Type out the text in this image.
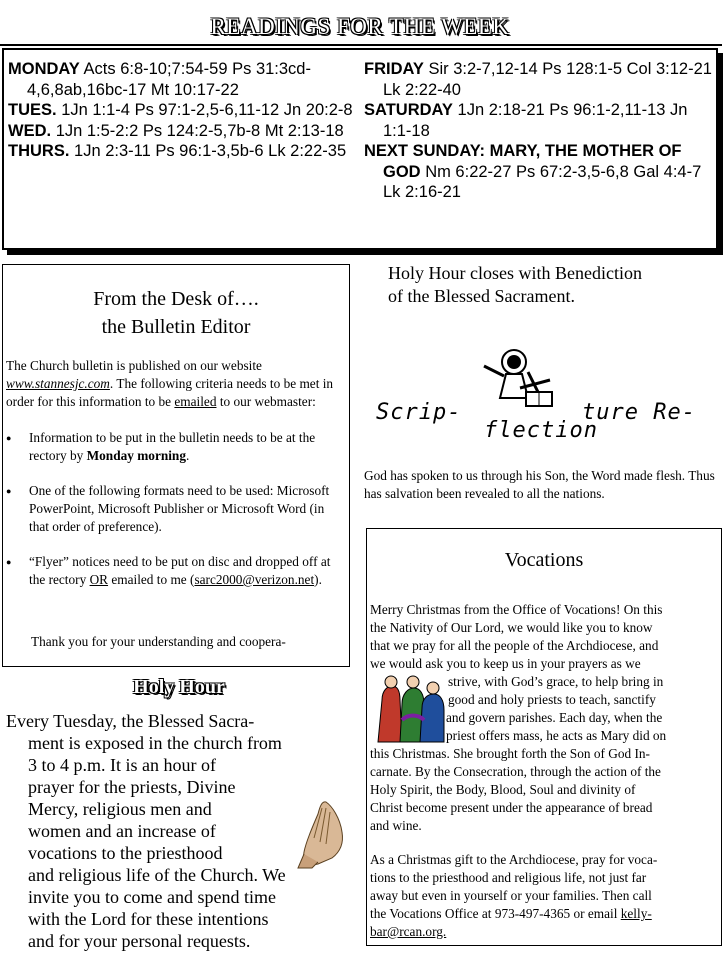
READINGS FOR THE WEEK

MONDAY Acts 6:8-10;7:54-59 Ps 31:3cd-4,6,8ab,16bc-17 Mt 10:17-22

TUES. 1Jn 1:1-4 Ps 97:1-2,5-6,11-12 Jn 20:2-8

WED. 1Jn 1:5-2:2 Ps 124:2-5,7b-8 Mt 2:13-18

THURS. 1Jn 2:3-11 Ps 96:1-3,5b-6 Lk 2:22-35

FRIDAY Sir 3:2-7,12-14 Ps 128:1-5 Col 3:12-21 Lk 2:22-40

SATURDAY 1Jn 2:18-21 Ps 96:1-2,11-13 Jn 1:1-18

NEXT SUNDAY: MARY, THE MOTHER OF GOD Nm 6:22-27 Ps 67:2-3,5-6,8 Gal 4:4-7 Lk 2:16-21

From the Desk of….
the Bulletin Editor
The Church bulletin is published on our website www.stannesjc.com. The following criteria needs to be met in order for this information to be emailed to our webmaster:
● Information to be put in the bulletin needs to be at the rectory by Monday morning.
● One of the following formats need to be used: Microsoft PowerPoint, Microsoft Publisher or Microsoft Word (in that order of preference).
● “Flyer” notices need to be put on disc and dropped off at the rectory OR emailed to me (sarc2000@verizon.net).
Thank you for your understanding and coopera-
Holy Hour

Every Tuesday, the Blessed Sacra-

ment is exposed in the church from

3 to 4 p.m. It is an hour of

prayer for the priests, Divine

Mercy, religious men and

women and an increase of

vocations to the priesthood

and religious life of the Church. We

invite you to come and spend time

with the Lord for these intentions

and for your personal requests.

Holy Hour closes with Benediction
of the Blessed Sacrament.
Scrip-	ture Re-
flection
God has spoken to us through his Son, the Word made flesh. Thus has salvation been revealed to all the nations.
Vocations
Merry Christmas from the Office of Vocations! On this
the Nativity of Our Lord, we would like you to know
that we pray for all the people of the Archdiocese, and
we would ask you to keep us in your prayers as we
strive, with God’s grace, to help bring in
good and holy priests to teach, sanctify
and govern parishes. Each day, when the
priest offers mass, he acts as Mary did on
this Christmas. She brought forth the Son of God In-
carnate. By the Consecration, through the action of the
Holy Spirit, the Body, Blood, Soul and divinity of
Christ become present under the appearance of bread
and wine.
As a Christmas gift to the Archdiocese, pray for voca-
tions to the priesthood and religious life, not just far
away but even in yourself or your families. Then call
the Vocations Office at 973-497-4365 or email kelly-
bar@rcan.org.
